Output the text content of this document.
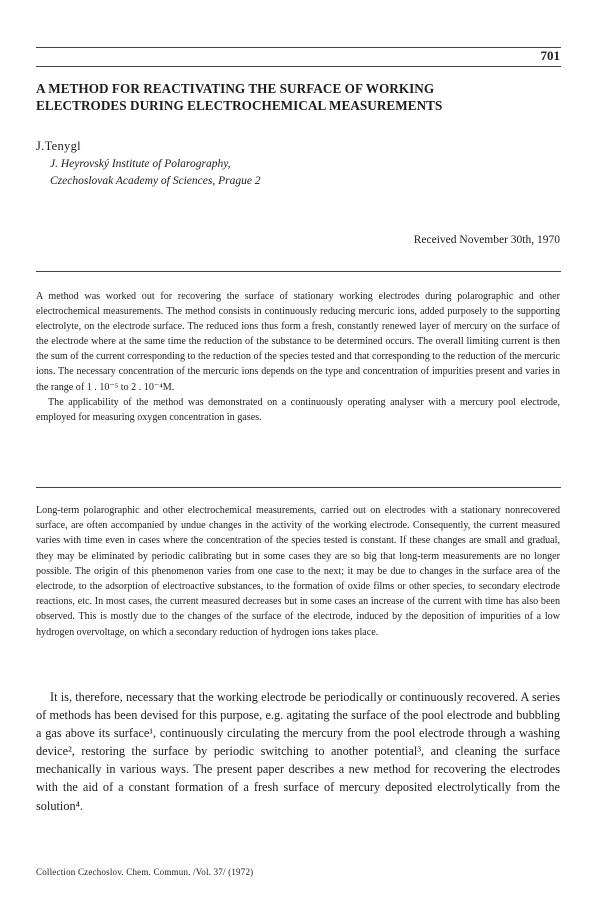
701
A METHOD FOR REACTIVATING THE SURFACE OF WORKING
ELECTRODES DURING ELECTROCHEMICAL MEASUREMENTS
J.Tenygl
J. Heyrovský Institute of Polarography,
Czechoslovak Academy of Sciences, Prague 2
Received November 30th, 1970

A method was worked out for recovering the surface of stationary working electrodes during polarographic and other electrochemical measurements. The method consists in continuously reducing mercuric ions, added purposely to the supporting electrolyte, on the electrode surface. The reduced ions thus form a fresh, constantly renewed layer of mercury on the surface of the electrode where at the same time the reduction of the substance to be determined occurs. The overall limiting current is then the sum of the current corresponding to the reduction of the species tested and that corresponding to the reduction of the mercuric ions. The necessary concentration of the mercuric ions depends on the type and concentration of impurities present and varies in the range of 1 . 10⁻⁵ to 2 . 10⁻⁴M.

The applicability of the method was demonstrated on a continuously operating analyser with a mercury pool electrode, employed for measuring oxygen concentration in gases.

Long-term polarographic and other electrochemical measurements, carried out on electrodes with a stationary nonrecovered surface, are often accompanied by undue changes in the activity of the working electrode. Consequently, the current measured varies with time even in cases where the concentration of the species tested is constant. If these changes are small and gradual, they may be eliminated by periodic calibrating but in some cases they are so big that long-term measurements are no longer possible. The origin of this phenomenon varies from one case to the next; it may be due to changes in the surface area of the electrode, to the adsorption of electroactive substances, to the formation of oxide films or other species, to secondary electrode reactions, etc. In most cases, the current measured decreases but in some cases an increase of the current with time has also been observed. This is mostly due to the changes of the surface of the electrode, induced by the deposition of impurities of a low hydrogen overvoltage, on which a secondary reduction of hydrogen ions takes place.
It is, therefore, necessary that the working electrode be periodically or continuously recovered. A series of methods has been devised for this purpose, e.g. agitating the surface of the pool electrode and bubbling a gas above its surface¹, continuously circulating the mercury from the pool electrode through a washing device², restoring the surface by periodic switching to another potential³, and cleaning the surface mechanically in various ways. The present paper describes a new method for recovering the electrodes with the aid of a constant formation of a fresh surface of mercury deposited electrolytically from the solution⁴.
Collection Czechoslov. Chem. Commun. /Vol. 37/ (1972)
